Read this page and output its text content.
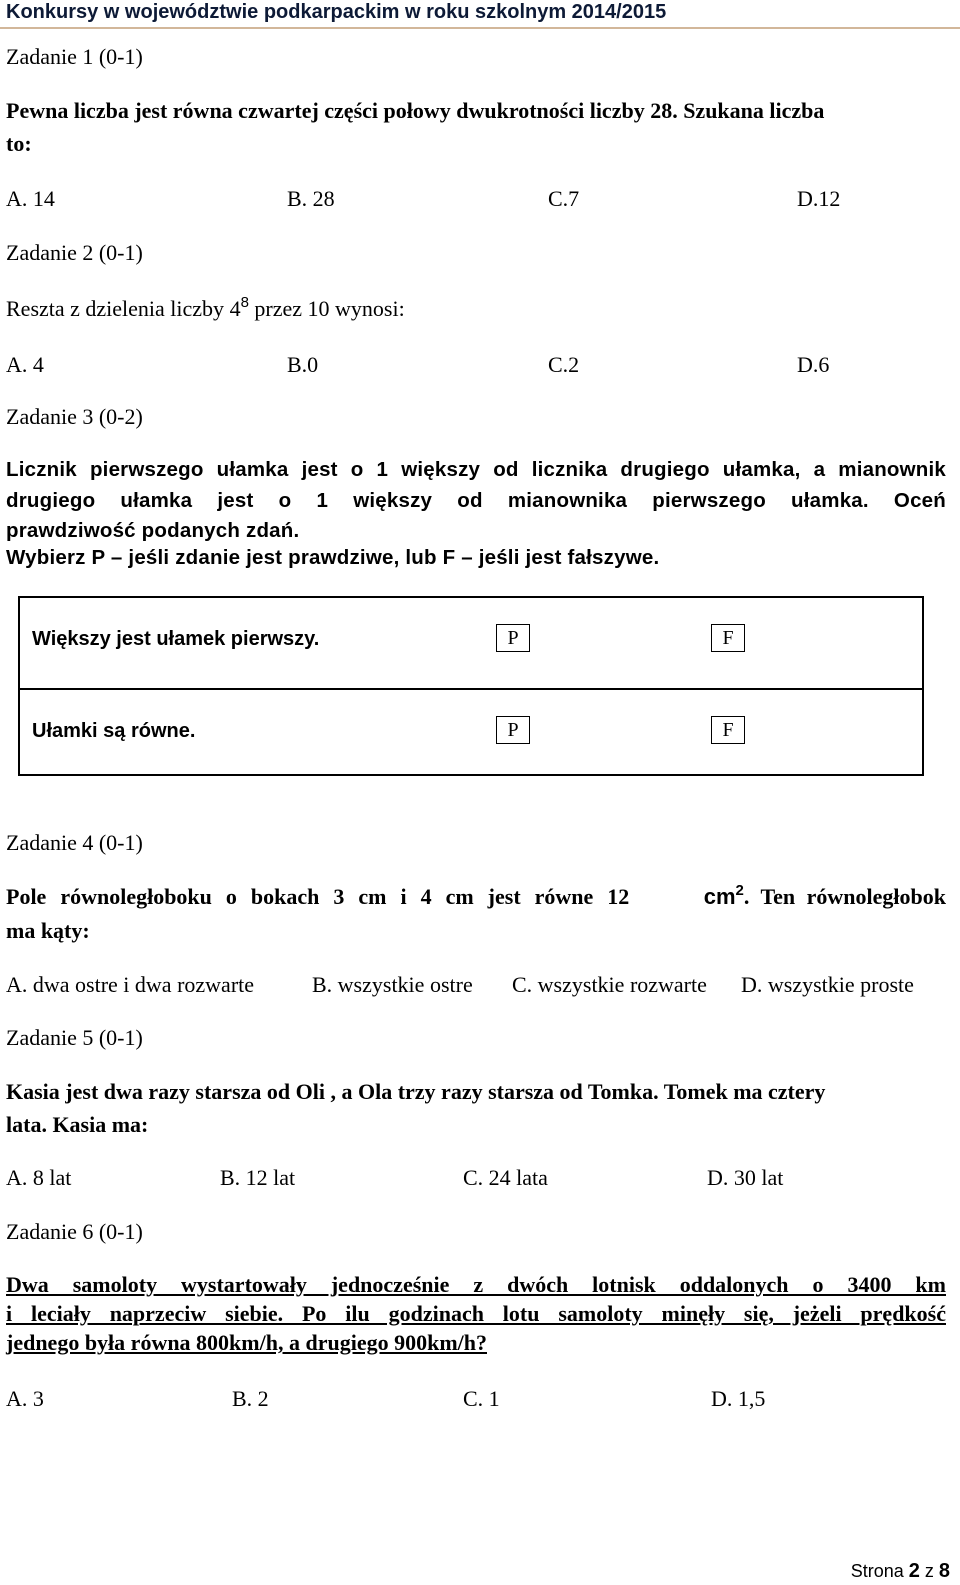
Konkursy w województwie podkarpackim w roku szkolnym 2014/2015
Zadanie 1 (0-1)
Pewna liczba jest równa czwartej części połowy dwukrotności liczby 28. Szukana liczba
to:
A. 14	B. 28	C.7	D.12
Zadanie 2 (0-1)
Reszta z dzielenia liczby $4^8$ przez 10 wynosi:
A. 4	B.0	C.2	D.6
Zadanie 3 (0-2)
Licznik pierwszego ułamka jest o 1 większy od licznika drugiego ułamka, a mianownik
drugiego ułamka jest o 1 większy od mianownika pierwszego ułamka. Oceń
prawdziwość podanych zdań.
Wybierz P – jeśli zdanie jest prawdziwe, lub F – jeśli jest fałszywe.
Większy jest ułamek pierwszy.	P	F
Ułamki są równe.	P	F
Zadanie 4 (0-1)
Pole równoległoboku o bokach 3 cm i 4 cm jest równe 12	$cm^2$. Ten równoległobok
ma kąty:
A. dwa ostre i dwa rozwarte	B. wszystkie ostre C. wszystkie rozwarte D. wszystkie proste
Zadanie 5 (0-1)
Kasia jest dwa razy starsza od Oli , a Ola trzy razy starsza od Tomka. Tomek ma cztery
lata. Kasia ma:
A. 8 lat	B. 12 lat	C. 24 lata	D. 30 lat
Zadanie 6 (0-1)
Dwa samoloty wystartowały jednocześnie z dwóch lotnisk oddalonych o 3400 km
i leciały naprzeciw siebie. Po ilu godzinach lotu samoloty minęły się, jeżeli prędkość
jednego była równa 800km/h, a drugiego 900km/h?
A. 3	B. 2	C. 1	D. 1,5
Strona 2 z 8
